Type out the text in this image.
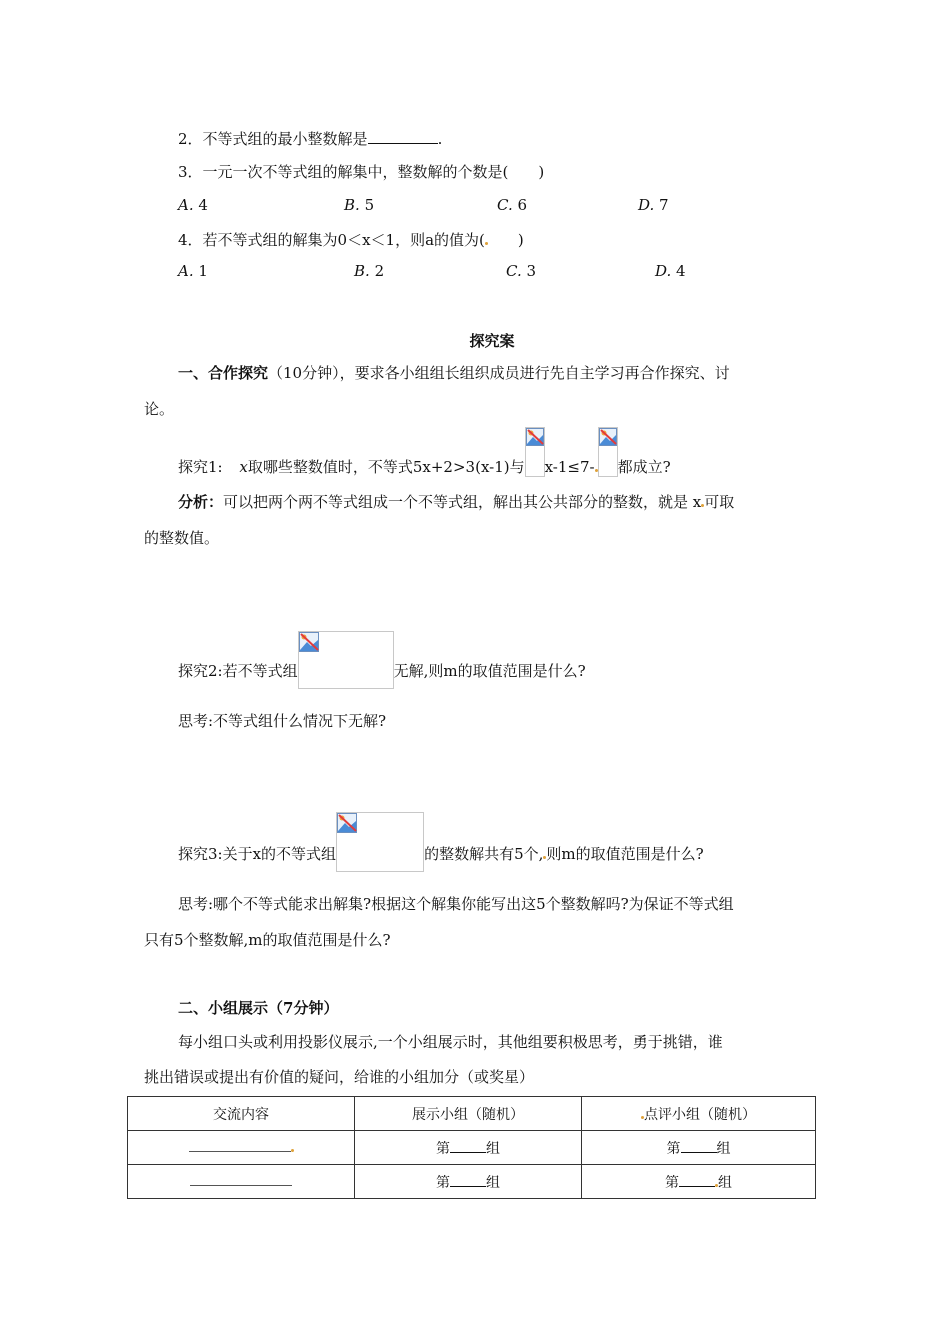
2．不等式组的最小整数解是	.
3．一元一次不等式组的解集中，整数解的个数是(　　)
A. 4	B. 5	C. 6	D. 7
4．若不等式组的解集为0＜x＜1，则a的值为(　　)
A. 1	B. 2	C. 3	D. 4
探究案
一、合作探究（10分钟），要求各小组组长组织成员进行先自主学习再合作探究、讨
论。
探究1: x取哪些整数值时，不等式5x+2>3(x-1)与 x-1≤7- 都成立?
分析：可以把两个两不等式组成一个不等式组，解出其公共部分的整数，就是 x 可取
的整数值。
探究2:若不等式组	无解,则m的取值范围是什么?
思考:不等式组什么情况下无解?
探究3:关于x的不等式组	的整数解共有5个, 则m的取值范围是什么?
思考:哪个不等式能求出解集?根据这个解集你能写出这5个整数解吗?为保证不等式组
只有5个整数解,m的取值范围是什么?
二、小组展示（7分钟）
每小组口头或利用投影仪展示,一个小组展示时，其他组要积极思考，勇于挑错，谁
挑出错误或提出有价值的疑问，给谁的小组加分（或奖星）
交流内容	展示小组（随机）	点评小组（随机）
	第 组	第 组
	第 组	第 组
